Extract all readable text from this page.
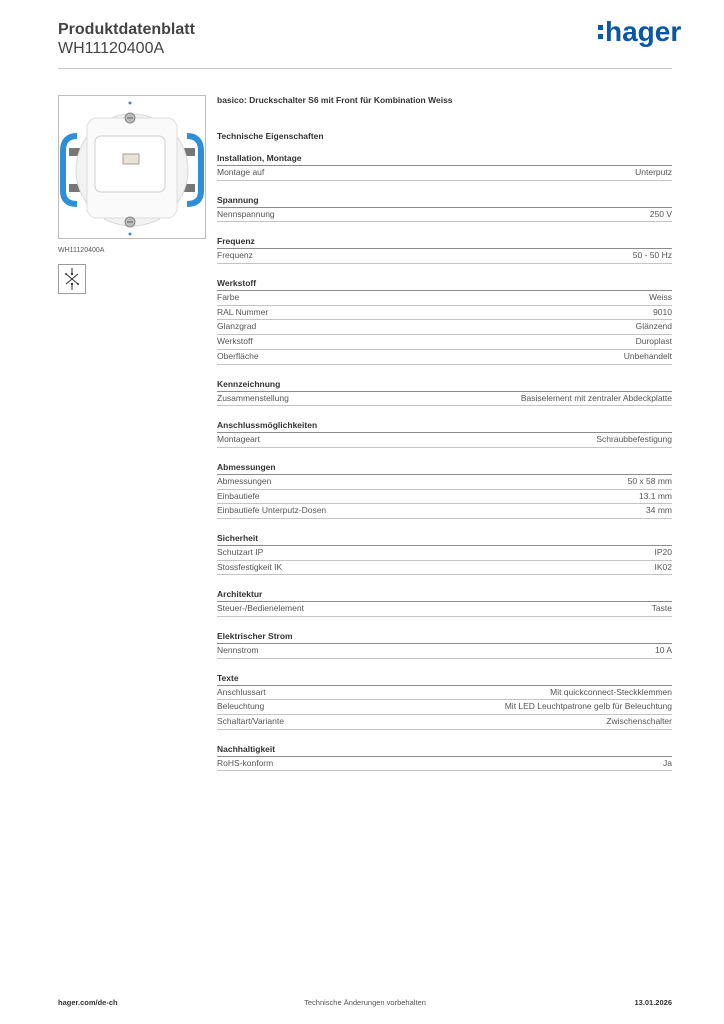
Produktdatenblatt
WH11120400A
hager
WH11120400A
basico: Druckschalter S6 mit Front für Kombination Weiss
Technische Eigenschaften
Installation, Montage
Montage auf	Unterputz
Spannung
Nennspannung	250 V
Frequenz
Frequenz	50 - 50 Hz
Werkstoff
Farbe	Weiss
RAL Nummer	9010
Glanzgrad	Glänzend
Werkstoff	Duroplast
Oberfläche	Unbehandelt
Kennzeichnung
Zusammenstellung	Basiselement mit zentraler Abdeckplatte
Anschlussmöglichkeiten
Montageart	Schraubbefestigung
Abmessungen
Abmessungen	50 x 58 mm
Einbautiefe	13.1 mm
Einbautiefe Unterputz-Dosen	34 mm
Sicherheit
Schutzart IP	IP20
Stossfestigkeit IK	IK02
Architektur
Steuer-/Bedienelement	Taste
Elektrischer Strom
Nennstrom	10 A
Texte
Anschlussart	Mit quickconnect-Steckklemmen
Beleuchtung	Mit LED Leuchtpatrone gelb für Beleuchtung
Schaltart/Variante	Zwischenschalter
Nachhaltigkeit
RoHS-konform	Ja
hager.com/de-ch	Technische Änderungen vorbehalten	13.01.2026
